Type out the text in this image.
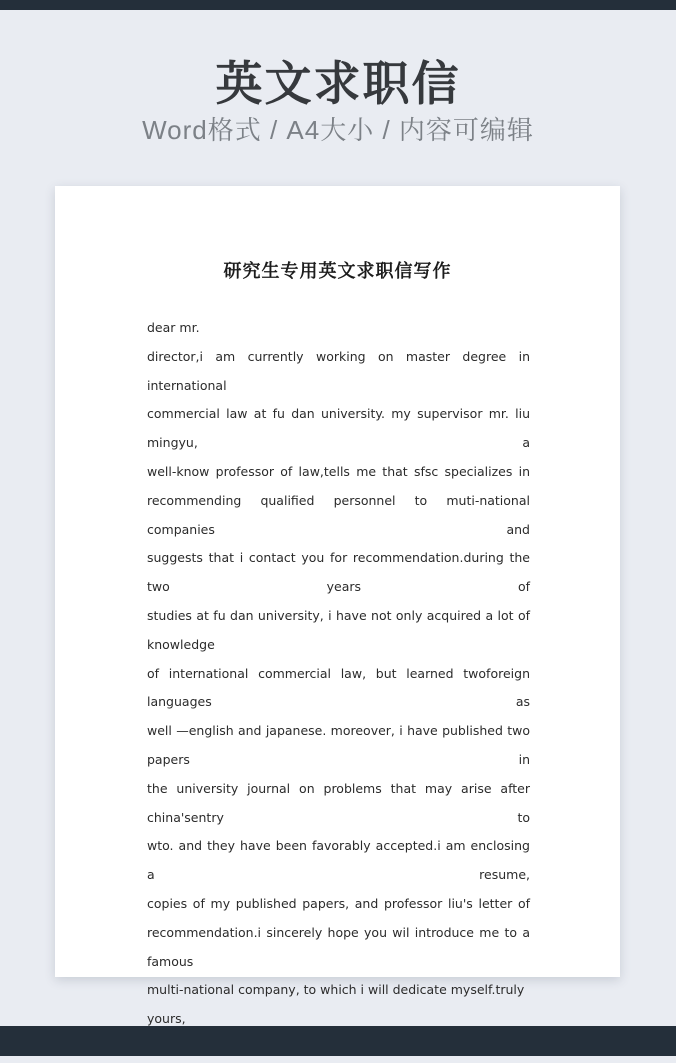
英文求职信
Word格式 / A4大小 / 内容可编辑
研究生专用英文求职信写作
dear mr.
director,i am currently working on master degree in international
commercial law at fu dan university. my supervisor mr. liu mingyu, a
well-know professor of law,tells me that sfsc specializes in
recommending qualified personnel to muti-national companies and
suggests that i contact you for recommendation.during the two years of
studies at fu dan university, i have not only acquired a lot of knowledge
of international commercial law, but learned twoforeign languages as
well —english and japanese. moreover, i have published two papers in
the university journal on problems that may arise after china'sentry to
wto. and they have been favorably accepted.i am enclosing a resume,
copies of my published papers, and professor liu's letter of
recommendation.i sincerely hope you wil introduce me to a famous
multi-national company, to which i will dedicate myself.truly yours,
